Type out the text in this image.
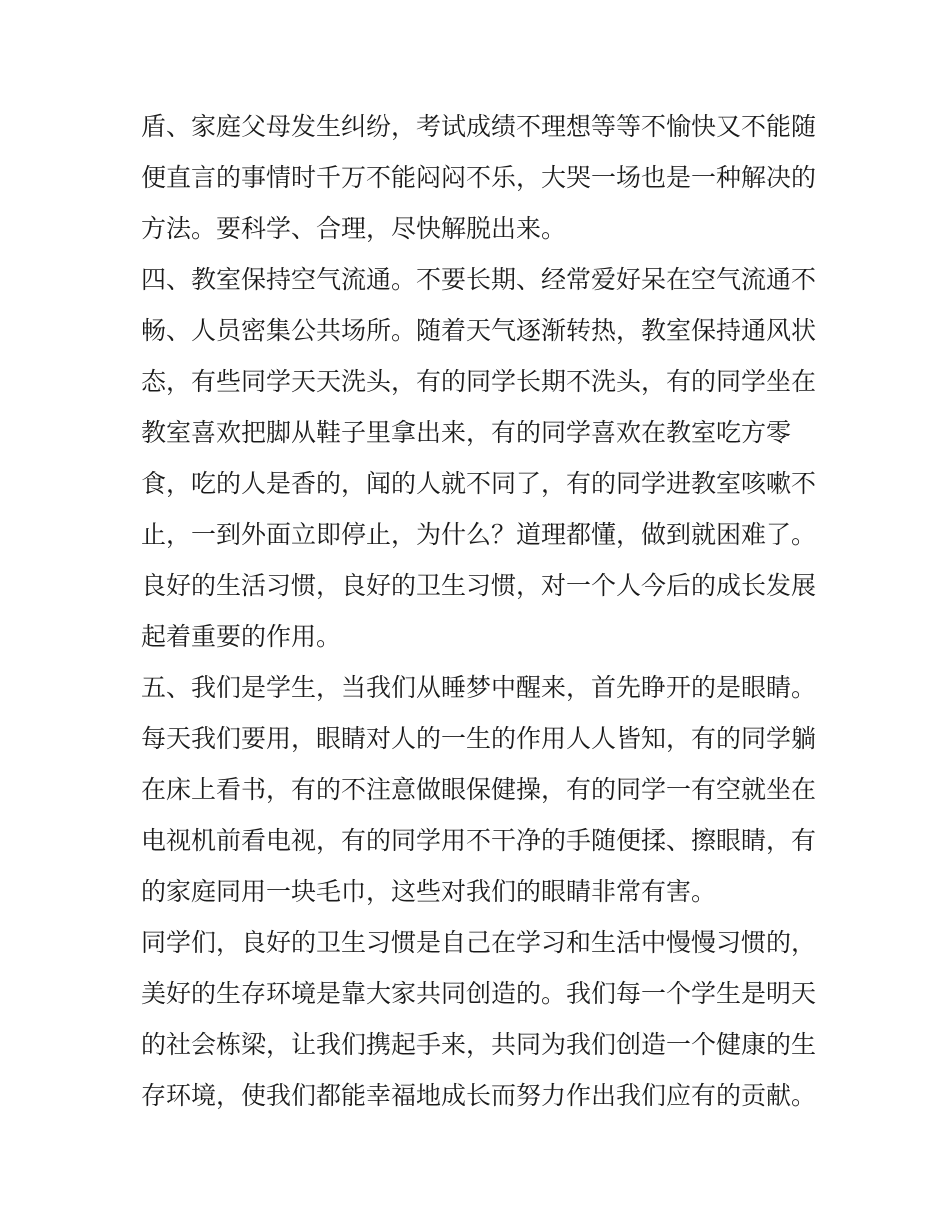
盾、家庭父母发生纠纷，考试成绩不理想等等不愉快又不能随
便直言的事情时千万不能闷闷不乐，大哭一场也是一种解决的
方法。要科学、合理，尽快解脱出来。
四、教室保持空气流通。不要长期、经常爱好呆在空气流通不
畅、人员密集公共场所。随着天气逐渐转热，教室保持通风状
态，有些同学天天洗头，有的同学长期不洗头，有的同学坐在
教室喜欢把脚从鞋子里拿出来，有的同学喜欢在教室吃方零
食，吃的人是香的，闻的人就不同了，有的同学进教室咳嗽不
止，一到外面立即停止，为什么？道理都懂，做到就困难了。
良好的生活习惯，良好的卫生习惯，对一个人今后的成长发展
起着重要的作用。
五、我们是学生，当我们从睡梦中醒来，首先睁开的是眼睛。
每天我们要用，眼睛对人的一生的作用人人皆知，有的同学躺
在床上看书，有的不注意做眼保健操，有的同学一有空就坐在
电视机前看电视，有的同学用不干净的手随便揉、擦眼睛，有
的家庭同用一块毛巾，这些对我们的眼睛非常有害。
同学们，良好的卫生习惯是自己在学习和生活中慢慢习惯的，
美好的生存环境是靠大家共同创造的。我们每一个学生是明天
的社会栋梁，让我们携起手来，共同为我们创造一个健康的生
存环境，使我们都能幸福地成长而努力作出我们应有的贡献。
